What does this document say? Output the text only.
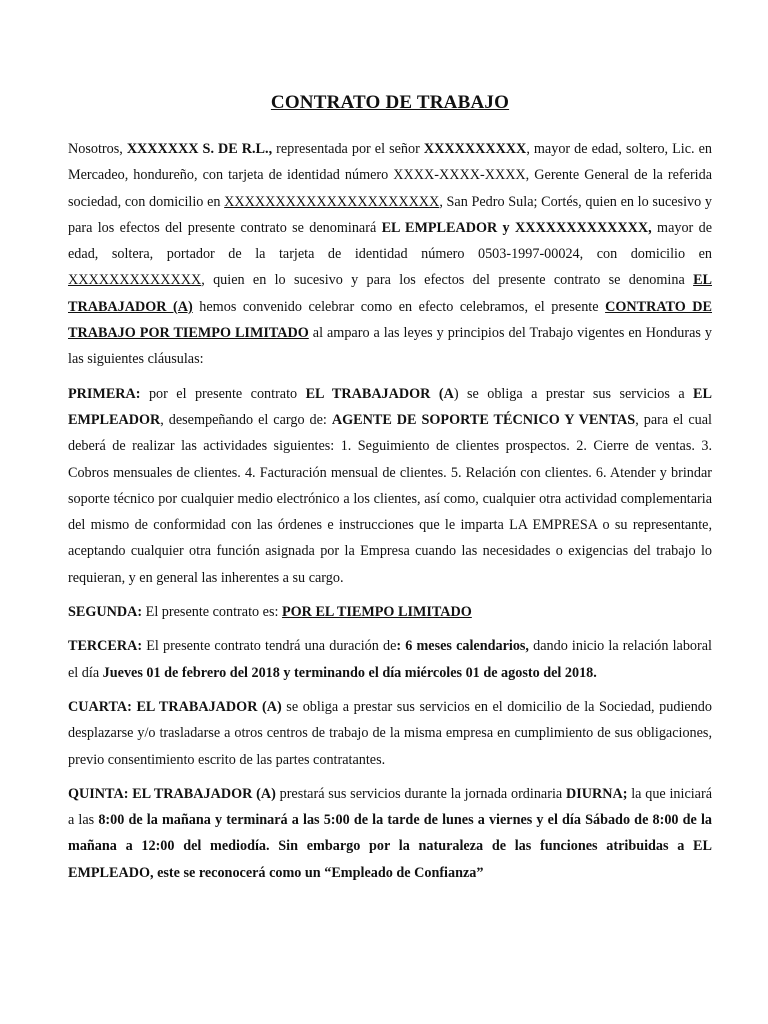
CONTRATO DE TRABAJO

Nosotros, XXXXXXX S. DE R.L., representada por el señor XXXXXXXXXX, mayor de edad, soltero, Lic. en Mercadeo, hondureño, con tarjeta de identidad número XXXX-XXXX-XXXX, Gerente General de la referida sociedad, con domicilio en XXXXXXXXXXXXXXXXXXXXX, San Pedro Sula; Cortés, quien en lo sucesivo y para los efectos del presente contrato se denominará EL EMPLEADOR y XXXXXXXXXXXXX, mayor de edad, soltera, portador de la tarjeta de identidad número 0503-1997-00024, con domicilio en XXXXXXXXXXXXX, quien en lo sucesivo y para los efectos del presente contrato se denomina EL TRABAJADOR (A) hemos convenido celebrar como en efecto celebramos, el presente CONTRATO DE TRABAJO POR TIEMPO LIMITADO al amparo a las leyes y principios del Trabajo vigentes en Honduras y las siguientes cláusulas:

PRIMERA: por el presente contrato EL TRABAJADOR (A) se obliga a prestar sus servicios a EL EMPLEADOR, desempeñando el cargo de: AGENTE DE SOPORTE TÉCNICO Y VENTAS, para el cual deberá de realizar las actividades siguientes: 1. Seguimiento de clientes prospectos. 2. Cierre de ventas. 3. Cobros mensuales de clientes. 4. Facturación mensual de clientes. 5. Relación con clientes. 6. Atender y brindar soporte técnico por cualquier medio electrónico a los clientes, así como, cualquier otra actividad complementaria del mismo de conformidad con las órdenes e instrucciones que le imparta LA EMPRESA o su representante, aceptando cualquier otra función asignada por la Empresa cuando las necesidades o exigencias del trabajo lo requieran, y en general las inherentes a su cargo.

SEGUNDA: El presente contrato es: POR EL TIEMPO LIMITADO

TERCERA: El presente contrato tendrá una duración de: 6 meses calendarios, dando inicio la relación laboral el día Jueves 01 de febrero del 2018 y terminando el día miércoles 01 de agosto del 2018.

CUARTA: EL TRABAJADOR (A) se obliga a prestar sus servicios en el domicilio de la Sociedad, pudiendo desplazarse y/o trasladarse a otros centros de trabajo de la misma empresa en cumplimiento de sus obligaciones, previo consentimiento escrito de las partes contratantes.

QUINTA: EL TRABAJADOR (A) prestará sus servicios durante la jornada ordinaria DIURNA; la que iniciará a las 8:00 de la mañana y terminará a las 5:00 de la tarde de lunes a viernes y el día Sábado de 8:00 de la mañana a 12:00 del mediodía. Sin embargo por la naturaleza de las funciones atribuidas a EL EMPLEADO, este se reconocerá como un “Empleado de Confianza”
